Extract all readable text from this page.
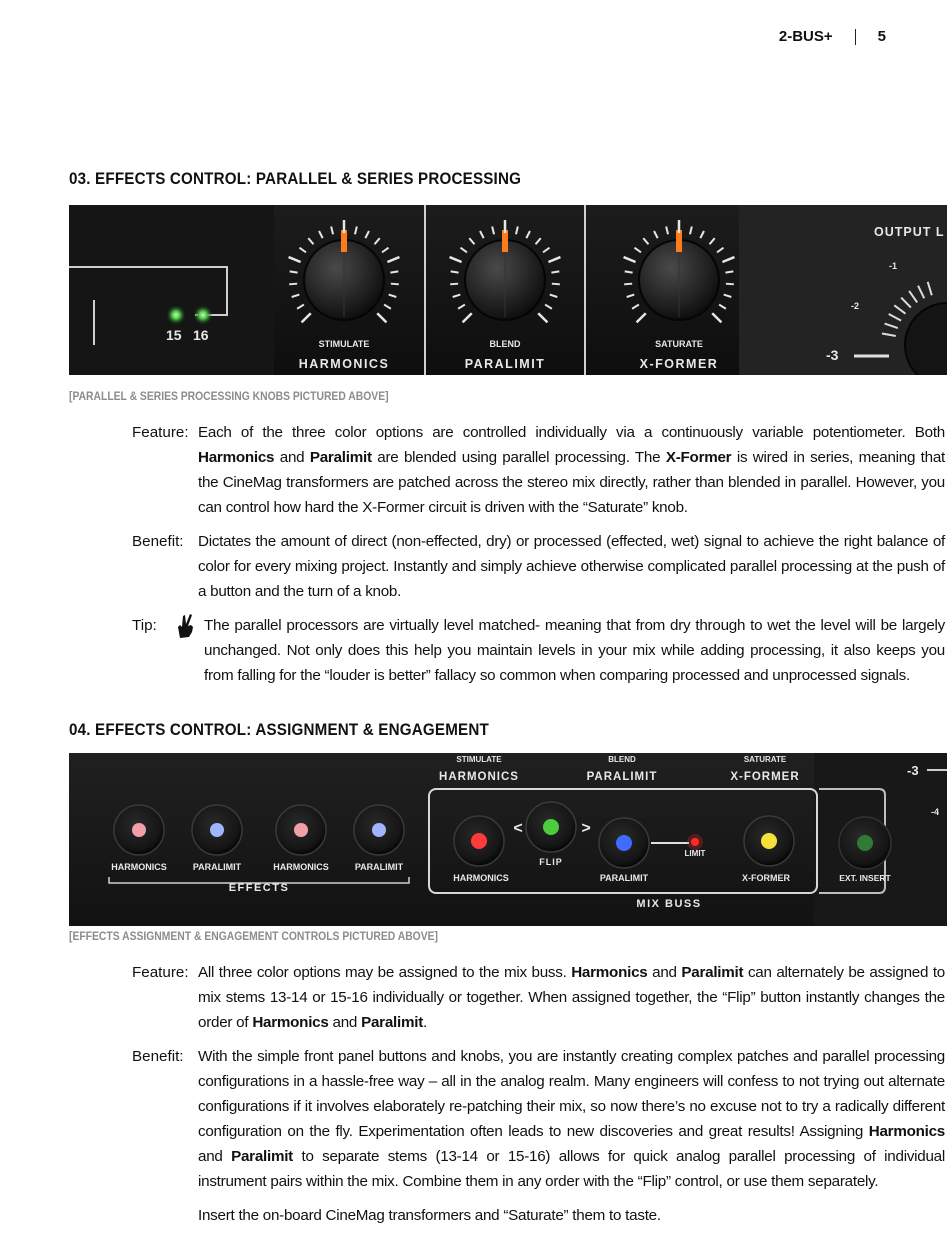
2-BUS+	5
03. EFFECTS CONTROL: PARALLEL & SERIES PROCESSING
15 16
STIMULATE
HARMONICS
BLEND
PARALIMIT
SATURATE
X-FORMER
OUTPUT L
-1
-2
-3
[PARALLEL & SERIES PROCESSING KNOBS PICTURED ABOVE]
Feature: Each of the three color options are controlled individually via a continuously variable potentiometer. Both Harmonics and Paralimit are blended using parallel processing. The X-Former is wired in series, meaning that the CineMag transformers are patched across the stereo mix directly, rather than blended in parallel. However, you can control how hard the X-Former circuit is driven with the “Saturate” knob.
Benefit: Dictates the amount of direct (non-effected, dry) or processed (effected, wet) signal to achieve the right balance of color for every mixing project. Instantly and simply achieve otherwise complicated parallel processing at the push of a button and the turn of a knob.
Tip:	The parallel processors are virtually level matched- meaning that from dry through to wet the level will be largely unchanged. Not only does this help you maintain levels in your mix while adding processing, it also keeps you from falling for the “louder is better” fallacy so common when comparing processed and unprocessed signals.
04. EFFECTS CONTROL: ASSIGNMENT & ENGAGEMENT
STIMULATE
HARMONICS
BLEND
PARALIMIT
SATURATE
X-FORMER	-3
-4
HARMONICS	PARALIMIT	HARMONICS	PARALIMIT
EFFECTS
<	>
LIMIT
HARMONICS
FLIP
PARALIMIT	X-FORMER
MIX BUSS
EXT. INSERT
[EFFECTS ASSIGNMENT & ENGAGEMENT CONTROLS PICTURED ABOVE]
Feature: All three color options may be assigned to the mix buss. Harmonics and Paralimit can alternately be assigned to mix stems 13-14 or 15-16 individually or together. When assigned together, the “Flip” button instantly changes the order of Harmonics and Paralimit.
Benefit: With the simple front panel buttons and knobs, you are instantly creating complex patches and parallel processing configurations in a hassle-free way – all in the analog realm. Many engineers will confess to not trying out alternate configurations if it involves elaborately re-patching their mix, so now there’s no excuse not to try a radically different configuration on the fly. Experimentation often leads to new discoveries and great results! Assigning Harmonics and Paralimit to separate stems (13-14 or 15-16) allows for quick analog parallel processing of individual instrument pairs within the mix. Combine them in any order with the “Flip” control, or use them separately.
Insert the on-board CineMag transformers and “Saturate” them to taste.
